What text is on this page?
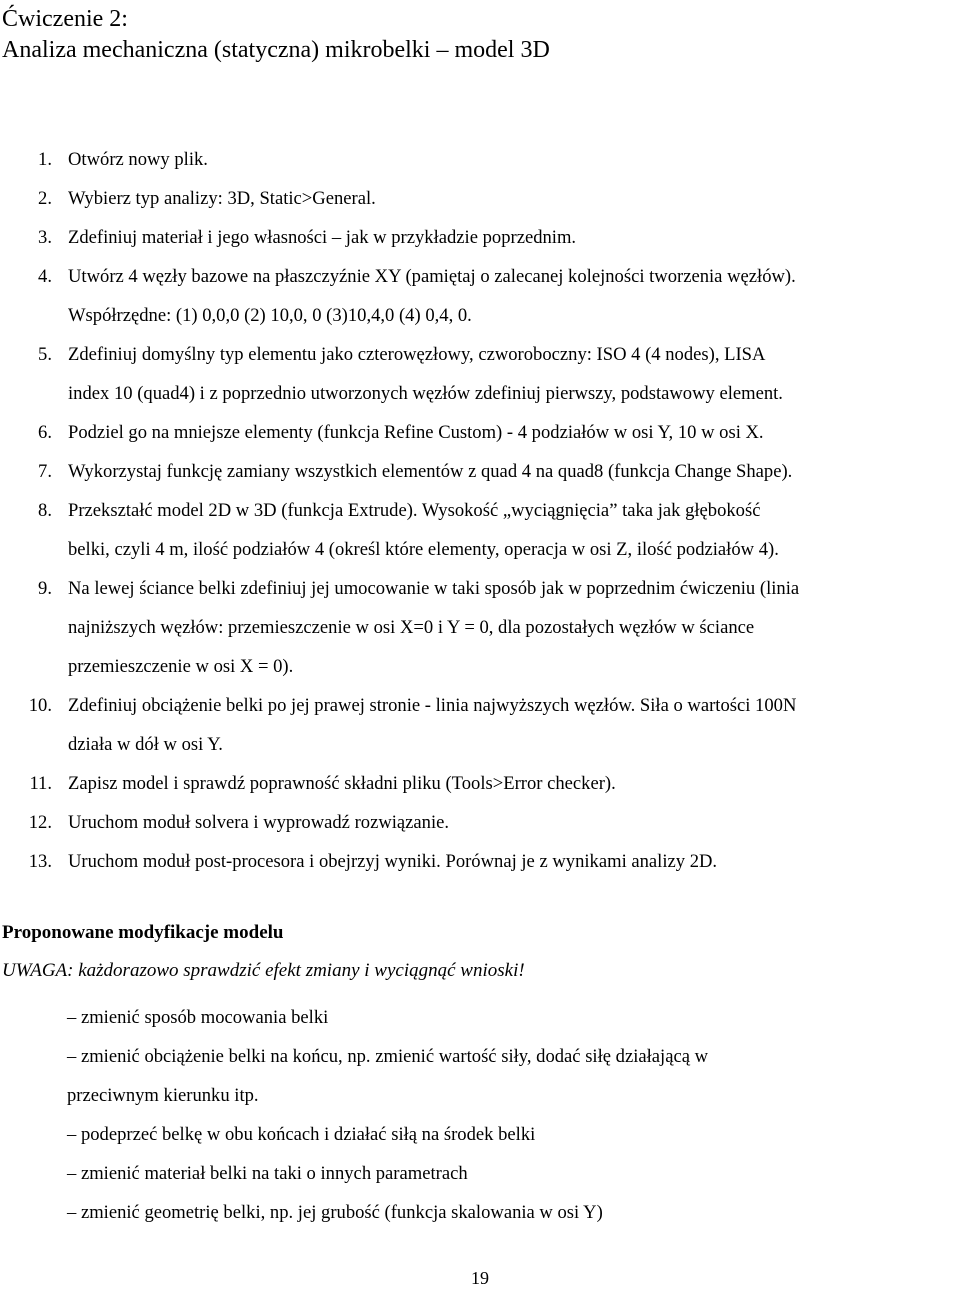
Ćwiczenie 2:
Analiza mechaniczna (statyczna) mikrobelki – model 3D
1. Otwórz nowy plik.
2. Wybierz typ analizy: 3D, Static>General.
3. Zdefiniuj materiał i jego własności – jak w przykładzie poprzednim.
4. Utwórz 4 węzły bazowe na płaszczyźnie XY (pamiętaj o zalecanej kolejności tworzenia węzłów).
Współrzędne: (1) 0,0,0 (2) 10,0, 0 (3)10,4,0 (4) 0,4, 0.
5. Zdefiniuj domyślny typ elementu jako czterowęzłowy, czworoboczny: ISO 4 (4 nodes), LISA
index 10 (quad4) i z poprzednio utworzonych węzłów zdefiniuj pierwszy, podstawowy element.
6. Podziel go na mniejsze elementy (funkcja Refine Custom) - 4 podziałów w osi Y, 10 w osi X.
7. Wykorzystaj funkcję zamiany wszystkich elementów z quad 4 na quad8 (funkcja Change Shape).
8. Przekształć model 2D w 3D (funkcja Extrude). Wysokość „wyciągnięcia” taka jak głębokość
belki, czyli 4 m, ilość podziałów 4 (określ które elementy, operacja w osi Z, ilość podziałów 4).
9. Na lewej ściance belki zdefiniuj jej umocowanie w taki sposób jak w poprzednim ćwiczeniu (linia
najniższych węzłów: przemieszczenie w osi X=0 i Y = 0, dla pozostałych węzłów w ściance
przemieszczenie w osi X = 0).
10. Zdefiniuj obciążenie belki po jej prawej stronie - linia najwyższych węzłów. Siła o wartości 100N
działa w dół w osi Y.
11. Zapisz model i sprawdź poprawność składni pliku (Tools>Error checker).
12. Uruchom moduł solvera i wyprowadź rozwiązanie.
13. Uruchom moduł post-procesora i obejrzyj wyniki. Porównaj je z wynikami analizy 2D.
Proponowane modyfikacje modelu
UWAGA: każdorazowo sprawdzić efekt zmiany i wyciągnąć wnioski!
– zmienić sposób mocowania belki
– zmienić obciążenie belki na końcu, np. zmienić wartość siły, dodać siłę działającą w
przeciwnym kierunku itp.
– podeprzeć belkę w obu końcach i działać siłą na środek belki
– zmienić materiał belki na taki o innych parametrach
– zmienić geometrię belki, np. jej grubość (funkcja skalowania w osi Y)
19
